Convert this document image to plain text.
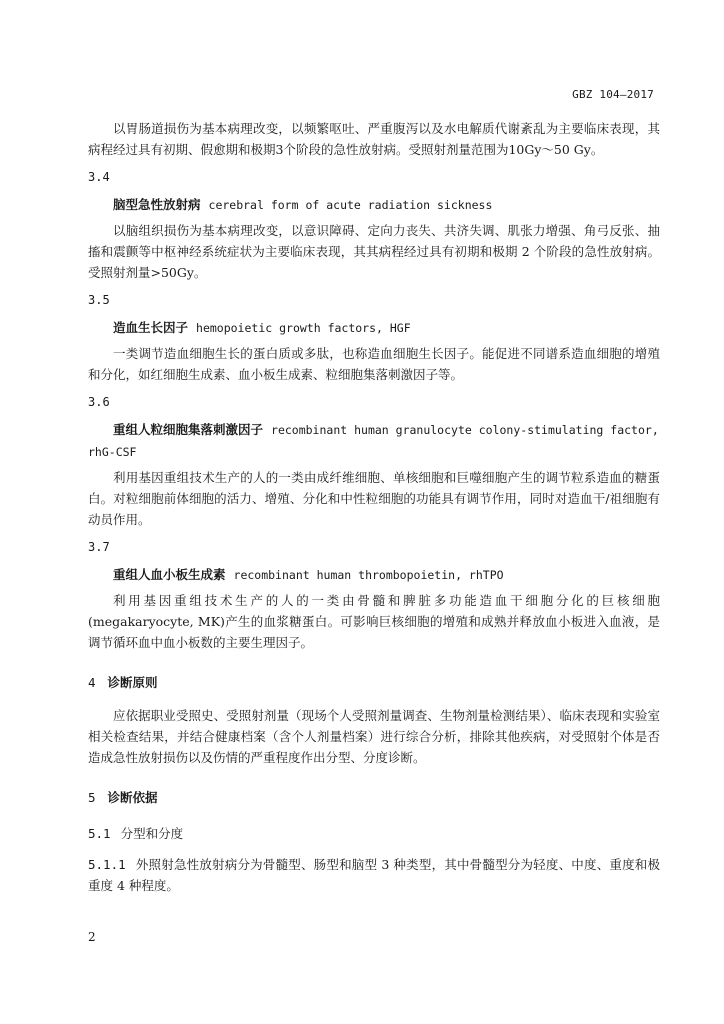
GBZ 104—2017

以胃肠道损伤为基本病理改变，以频繁呕吐、严重腹泻以及水电解质代谢紊乱为主要临床表现，其病程经过具有初期、假愈期和极期3个阶段的急性放射病。受照射剂量范围为10Gy～50 Gy。

3.4
脑型急性放射病 cerebral form of acute radiation sickness

以脑组织损伤为基本病理改变，以意识障碍、定向力丧失、共济失调、肌张力增强、角弓反张、抽搐和震颤等中枢神经系统症状为主要临床表现，其其病程经过具有初期和极期 2 个阶段的急性放射病。受照射剂量>50Gy。

3.5
造血生长因子 hemopoietic growth factors, HGF

一类调节造血细胞生长的蛋白质或多肽，也称造血细胞生长因子。能促进不同谱系造血细胞的增殖和分化，如红细胞生成素、血小板生成素、粒细胞集落刺激因子等。

3.6
重组人粒细胞集落刺激因子 recombinant human granulocyte colony-stimulating factor,
rhG-CSF

利用基因重组技术生产的人的一类由成纤维细胞、单核细胞和巨噬细胞产生的调节粒系造血的糖蛋白。对粒细胞前体细胞的活力、增殖、分化和中性粒细胞的功能具有调节作用，同时对造血干/祖细胞有动员作用。

3.7
重组人血小板生成素 recombinant human thrombopoietin, rhTPO

利用基因重组技术生产的人的一类由骨髓和脾脏多功能造血干细胞分化的巨核细胞(megakaryocyte, MK)产生的血浆糖蛋白。可影响巨核细胞的增殖和成熟并释放血小板进入血液，是调节循环血中血小板数的主要生理因子。

4 诊断原则

应依据职业受照史、受照射剂量（现场个人受照剂量调查、生物剂量检测结果）、临床表现和实验室相关检查结果，并结合健康档案（含个人剂量档案）进行综合分析，排除其他疾病，对受照射个体是否造成急性放射损伤以及伤情的严重程度作出分型、分度诊断。

5 诊断依据
5.1 分型和分度

5.1.1 外照射急性放射病分为骨髓型、肠型和脑型 3 种类型，其中骨髓型分为轻度、中度、重度和极重度 4 种程度。

2
